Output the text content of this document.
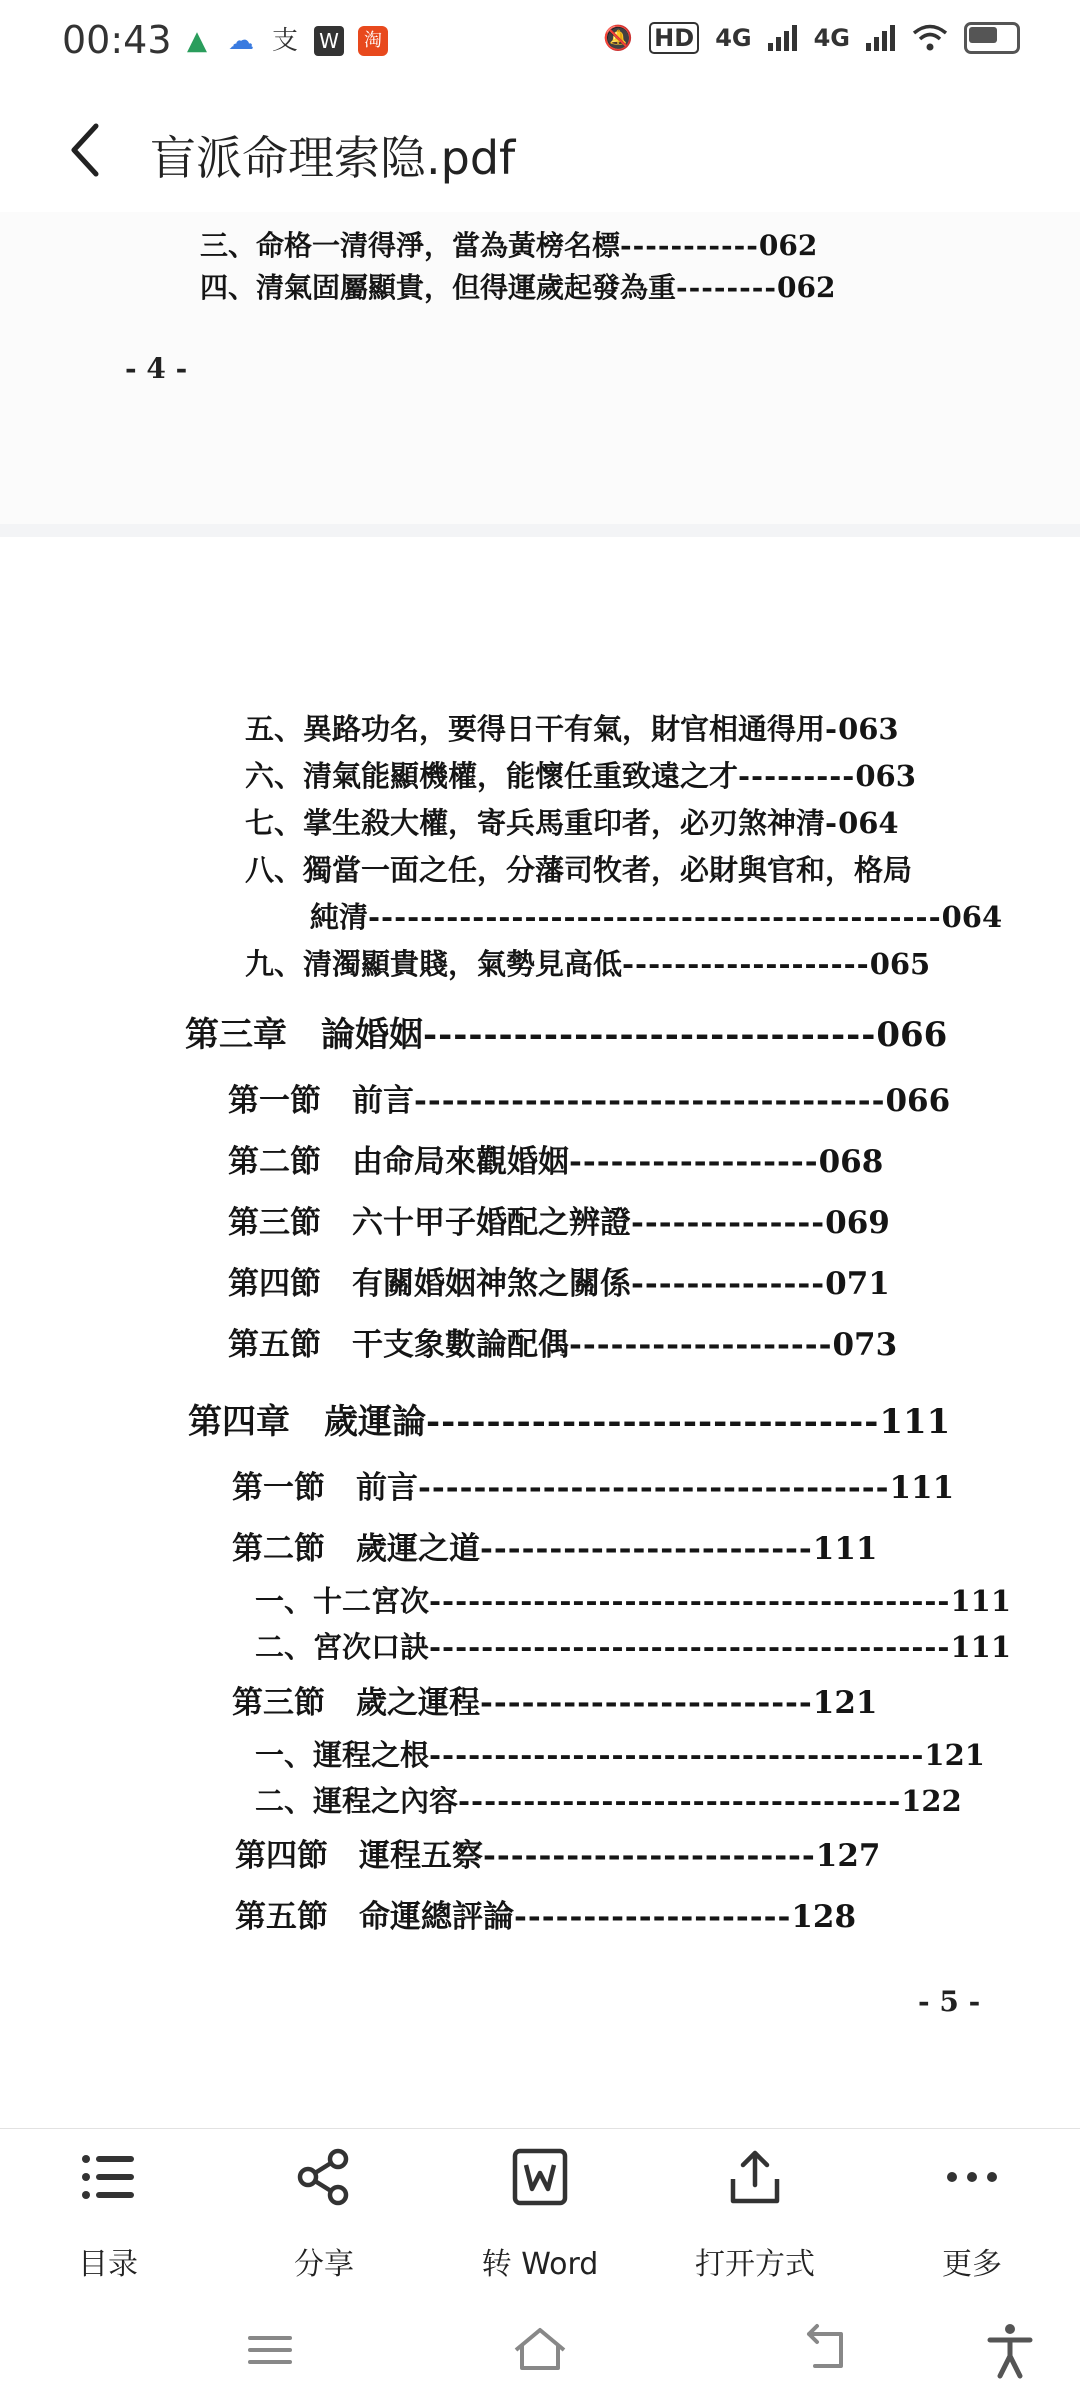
00:43 ▲ ☁ 支 W	淘	🔕 HD 4G	4G
盲派命理索隐.pdf
三、命格一清得淨，當為黃榜名標-----------062
四、清氣固屬顯貴，但得運歲起發為重--------062
- 4 -
五、異路功名，要得日干有氣，財官相通得用-063
六、清氣能顯機權，能懷任重致遠之才---------063
七、掌生殺大權，寄兵馬重印者，必刃煞神清-064
八、獨當一面之任，分藩司牧者，必財與官和，格局
純清--------------------------------------------064
九、清濁顯貴賤，氣勢見高低-------------------065
第三章　論婚姻------------------------------066
第一節　前言----------------------------------066
第二節　由命局來觀婚姻------------------068
第三節　六十甲子婚配之辨證--------------069
第四節　有關婚姻神煞之關係--------------071
第五節　干支象數論配偶-------------------073
第四章　歲運論------------------------------111
第一節　前言----------------------------------111
第二節　歲運之道------------------------111
一、十二宮次----------------------------------------111
二、宮次口訣----------------------------------------111
第三節　歲之運程------------------------121
一、運程之根--------------------------------------121
二、運程之內容----------------------------------122
第四節　運程五察------------------------127
第五節　命運總評論--------------------128
- 5 -
目录	分享	转 Word	打开方式	更多
